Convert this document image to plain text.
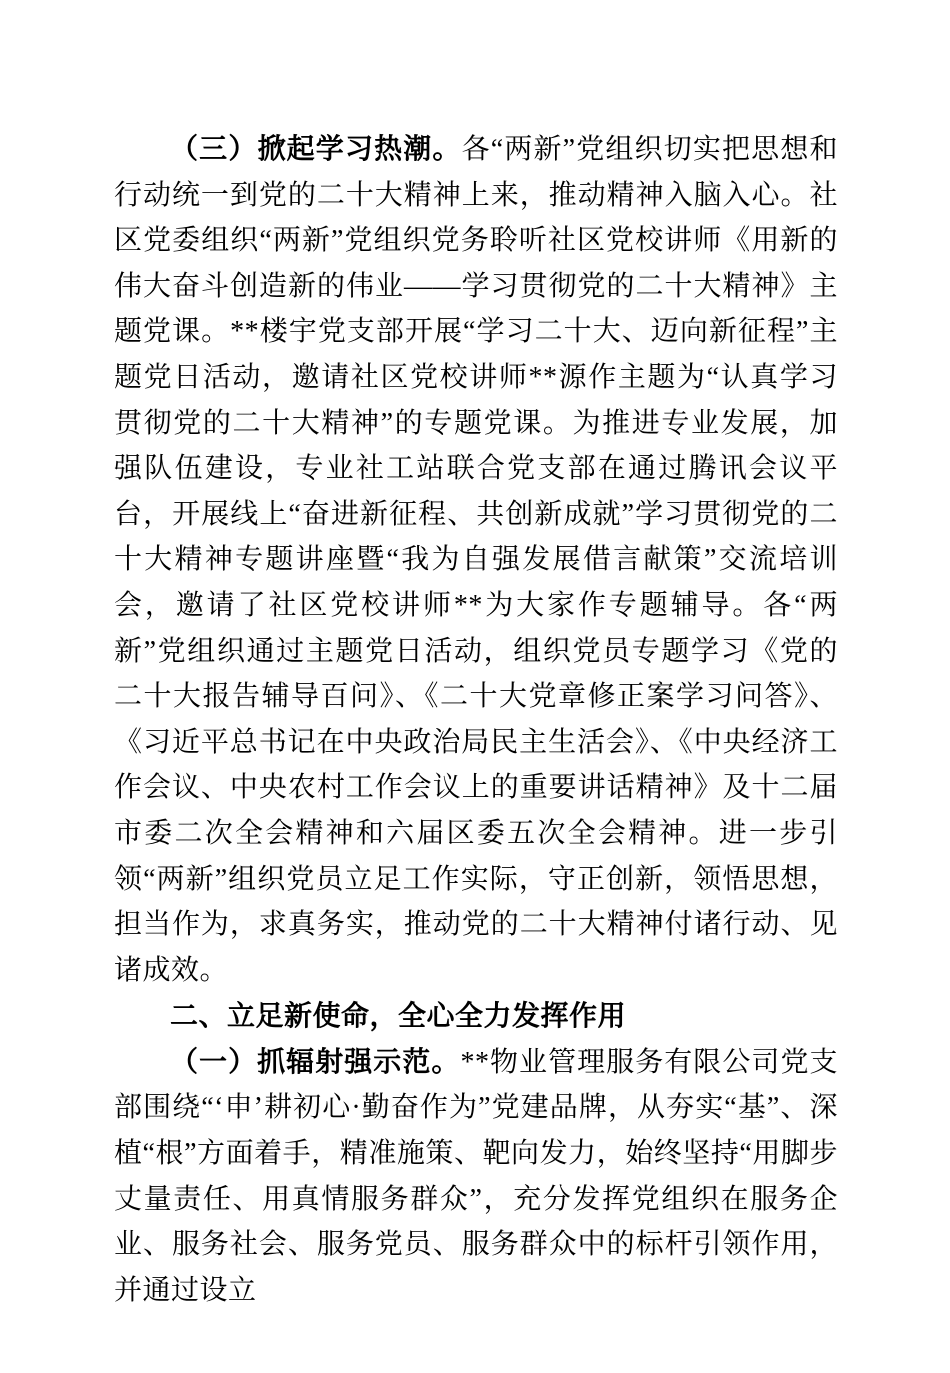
（三）掀起学习热潮。各“两新”党组织切实把思想和行动统一到党的二十大精神上来，推动精神入脑入心。社区党委组织“两新”党组织党务聆听社区党校讲师《用新的伟大奋斗创造新的伟业——学习贯彻党的二十大精神》主题党课。**楼宇党支部开展“学习二十大、迈向新征程”主题党日活动，邀请社区党校讲师**源作主题为“认真学习贯彻党的二十大精神”的专题党课。为推进专业发展，加强队伍建设，专业社工站联合党支部在通过腾讯会议平台，开展线上“奋进新征程、共创新成就”学习贯彻党的二十大精神专题讲座暨“我为自强发展借言献策”交流培训会，邀请了社区党校讲师**为大家作专题辅导。各“两新”党组织通过主题党日活动，组织党员专题学习《党的二十大报告辅导百问》、《二十大党章修正案学习问答》、《习近平总书记在中央政治局民主生活会》、《中央经济工作会议、中央农村工作会议上的重要讲话精神》及十二届市委二次全会精神和六届区委五次全会精神。进一步引领“两新”组织党员立足工作实际，守正创新，领悟思想，担当作为，求真务实，推动党的二十大精神付诸行动、见诸成效。

二、立足新使命，全心全力发挥作用

（一）抓辐射强示范。**物业管理服务有限公司党支部围绕“‘申’耕初心·勤奋作为”党建品牌，从夯实“基”、深植“根”方面着手，精准施策、靶向发力，始终坚持“用脚步丈量责任、用真情服务群众”，充分发挥党组织在服务企业、服务社会、服务党员、服务群众中的标杆引领作用，并通过设立
